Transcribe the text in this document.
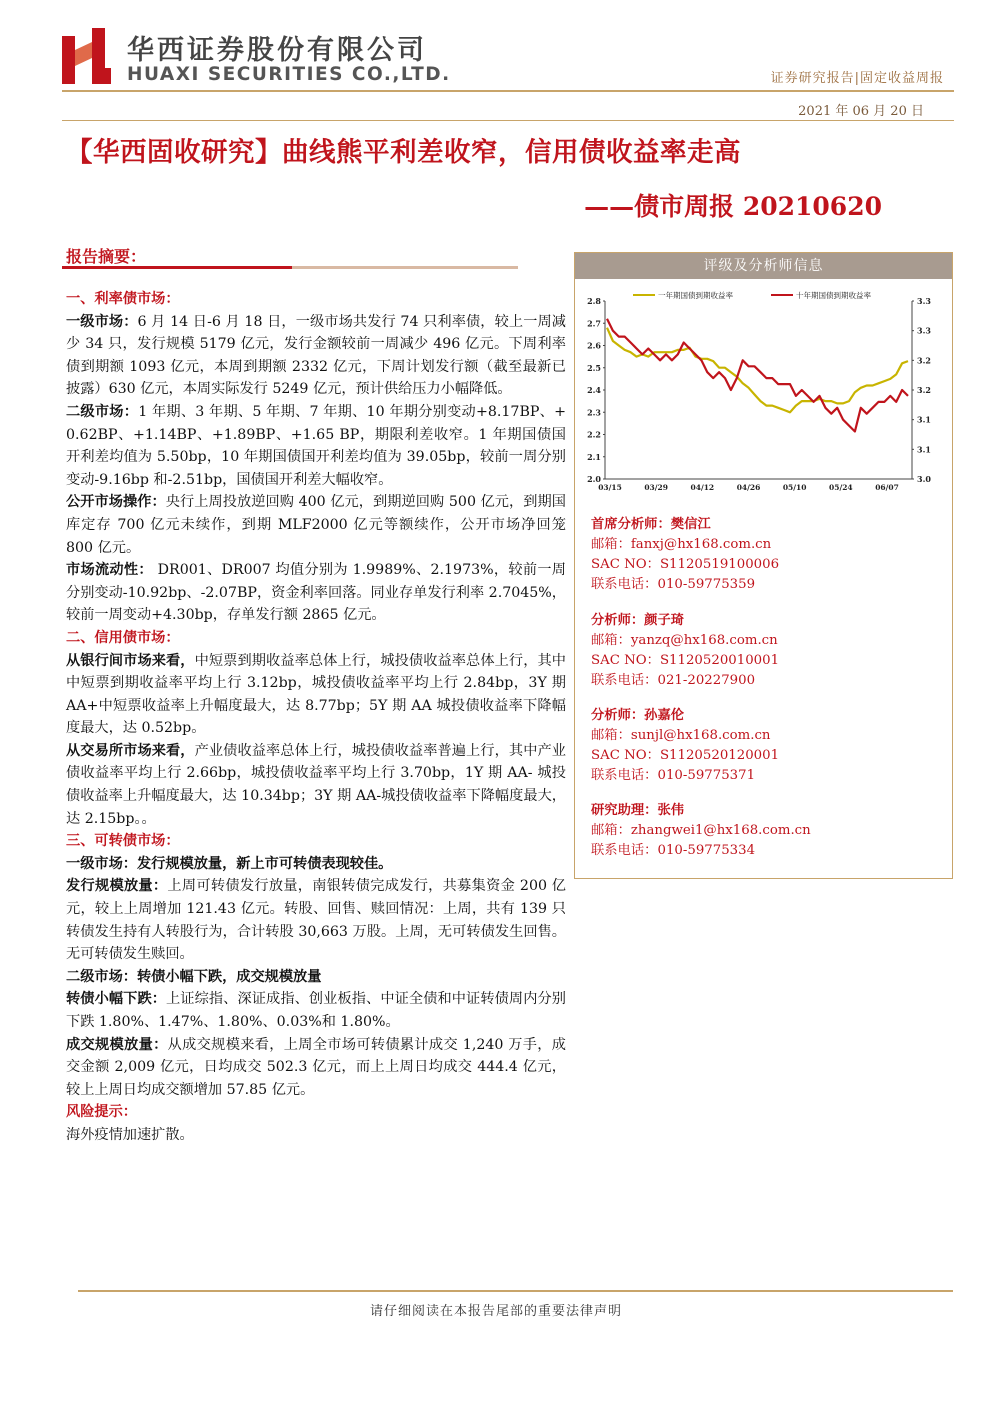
华西证券股份有限公司
HUAXI SECURITIES CO.,LTD.	证券研究报告|固定收益周报
2021 年 06 月 20 日
【华西固收研究】曲线熊平利差收窄，信用债收益率走高
——债市周报 20210620
报告摘要：

一、利率债市场：

一级市场：6 月 14 日-6 月 18 日，一级市场共发行 74 只利率债，较上一周减少 34 只，发行规模 5179 亿元，发行金额较前一周减少 496 亿元。下周利率债到期额 1093 亿元，本周到期额 2332 亿元，下周计划发行额（截至最新已披露）630 亿元，本周实际发行 5249 亿元，预计供给压力小幅降低。

二级市场：1 年期、3 年期、5 年期、7 年期、10 年期分别变动+8.17BP、+ 0.62BP、+1.14BP、+1.89BP、+1.65 BP，期限利差收窄。1 年期国债国开利差均值为 5.50bp，10 年期国债国开利差均值为 39.05bp，较前一周分别变动-9.16bp 和-2.51bp，国债国开利差大幅收窄。

公开市场操作：央行上周投放逆回购 400 亿元，到期逆回购 500 亿元，到期国库定存 700 亿元未续作，到期 MLF2000 亿元等额续作，公开市场净回笼 800 亿元。

市场流动性： DR001、DR007 均值分别为 1.9989%、2.1973%，较前一周分别变动-10.92bp、-2.07BP，资金利率回落。同业存单发行利率 2.7045%，较前一周变动+4.30bp，存单发行额 2865 亿元。

二、信用债市场：

从银行间市场来看，中短票到期收益率总体上行，城投债收益率总体上行，其中中短票到期收益率平均上行 3.12bp，城投债收益率平均上行 2.84bp，3Y 期 AA+中短票收益率上升幅度最大，达 8.77bp；5Y 期 AA 城投债收益率下降幅度最大，达 0.52bp。

从交易所市场来看，产业债收益率总体上行，城投债收益率普遍上行，其中产业债收益率平均上行 2.66bp，城投债收益率平均上行 3.70bp，1Y 期 AA- 城投债收益率上升幅度最大，达 10.34bp；3Y 期 AA-城投债收益率下降幅度最大，达 2.15bp。。

三、可转债市场：

一级市场：发行规模放量，新上市可转债表现较佳。

发行规模放量：上周可转债发行放量，南银转债完成发行，共募集资金 200 亿元，较上上周增加 121.43 亿元。转股、回售、赎回情况：上周，共有 139 只转债发生持有人转股行为，合计转股 30,663 万股。上周，无可转债发生回售。无可转债发生赎回。

二级市场：转债小幅下跌，成交规模放量

转债小幅下跌：上证综指、深证成指、创业板指、中证全债和中证转债周内分别下跌 1.80%、1.47%、1.80%、0.03%和 1.80%。

成交规模放量：从成交规模来看，上周全市场可转债累计成交 1,240 万手，成交金额 2,009 亿元，日均成交 502.3 亿元，而上上周日均成交 444.4 亿元，较上上周日均成交额增加 57.85 亿元。

风险提示：

海外疫情加速扩散。

评级及分析师信息
2.0
2.1
2.2
2.3
2.4
2.5
2.6
2.7
2.8
3.0
3.1
3.1
3.2
3.2
3.3
3.3
03/15	03/29	04/12	04/26	05/10	05/24	06/07
一年期国债到期收益率	十年期国债到期收益率
首席分析师：樊信江
邮箱：fanxj@hx168.com.cn
SAC NO：S1120519100006
联系电话：010-59775359
分析师：颜子琦
邮箱：yanzq@hx168.com.cn
SAC NO：S1120520010001
联系电话：021-20227900
分析师：孙嘉伦
邮箱：sunjl@hx168.com.cn
SAC NO：S1120520120001
联系电话：010-59775371
研究助理：张伟
邮箱：zhangwei1@hx168.com.cn
联系电话：010-59775334
请仔细阅读在本报告尾部的重要法律声明
